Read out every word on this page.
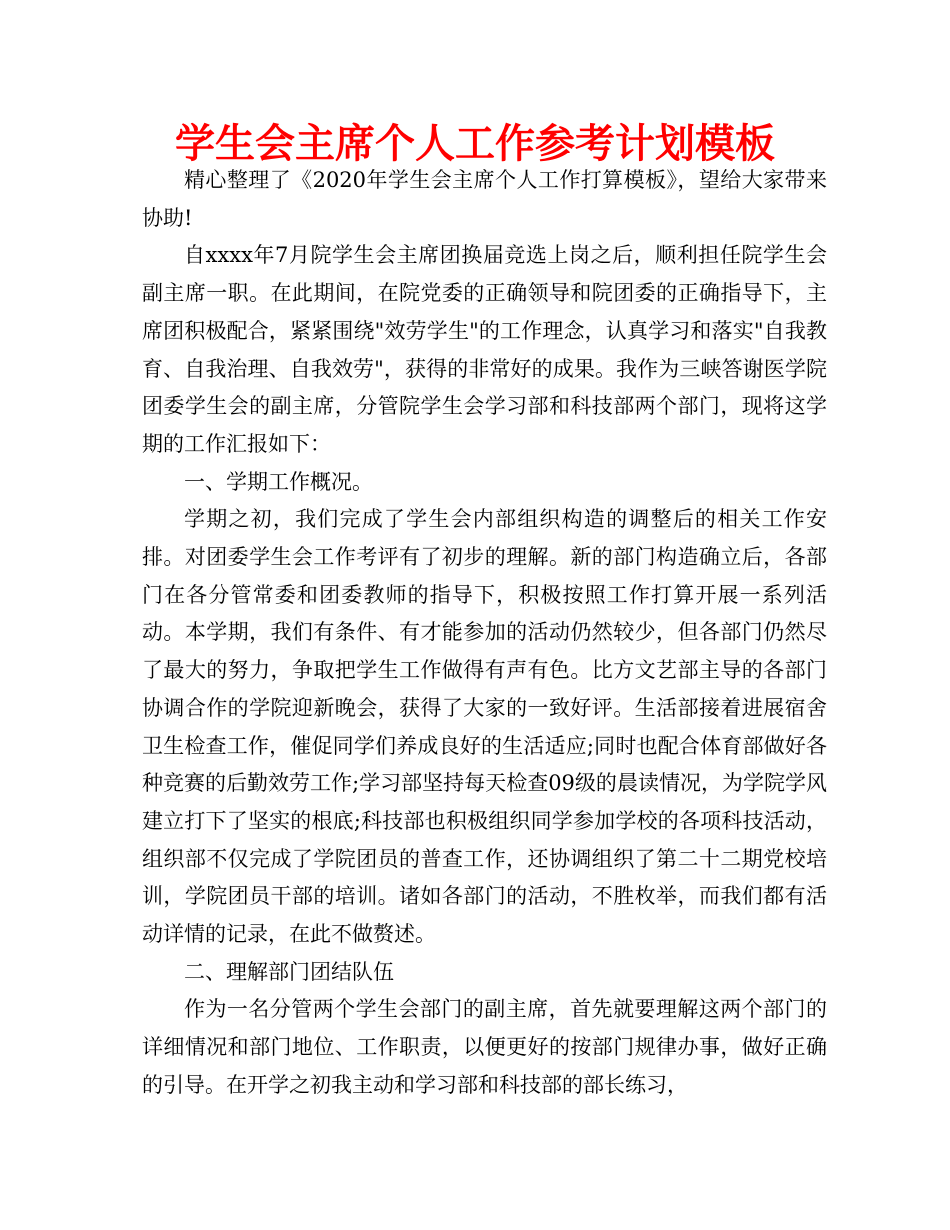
学生会主席个人工作参考计划模板

精心整理了《2020年学生会主席个人工作打算模板》，望给大家带来协助!

自xxxx年7月院学生会主席团换届竞选上岗之后，顺利担任院学生会副主席一职。在此期间，在院党委的正确领导和院团委的正确指导下，主席团积极配合，紧紧围绕"效劳学生"的工作理念，认真学习和落实"自我教育、自我治理、自我效劳"，获得的非常好的成果。我作为三峡答谢医学院团委学生会的副主席，分管院学生会学习部和科技部两个部门，现将这学期的工作汇报如下：

一、学期工作概况。

学期之初，我们完成了学生会内部组织构造的调整后的相关工作安排。对团委学生会工作考评有了初步的理解。新的部门构造确立后，各部门在各分管常委和团委教师的指导下，积极按照工作打算开展一系列活动。本学期，我们有条件、有才能参加的活动仍然较少，但各部门仍然尽了最大的努力，争取把学生工作做得有声有色。比方文艺部主导的各部门协调合作的学院迎新晚会，获得了大家的一致好评。生活部接着进展宿舍卫生检查工作，催促同学们养成良好的生活适应;同时也配合体育部做好各种竞赛的后勤效劳工作;学习部坚持每天检查09级的晨读情况，为学院学风建立打下了坚实的根底;科技部也积极组织同学参加学校的各项科技活动，组织部不仅完成了学院团员的普查工作，还协调组织了第二十二期党校培训，学院团员干部的培训。诸如各部门的活动，不胜枚举，而我们都有活动详情的记录，在此不做赘述。

二、理解部门团结队伍

作为一名分管两个学生会部门的副主席，首先就要理解这两个部门的详细情况和部门地位、工作职责，以便更好的按部门规律办事，做好正确的引导。在开学之初我主动和学习部和科技部的部长练习，
